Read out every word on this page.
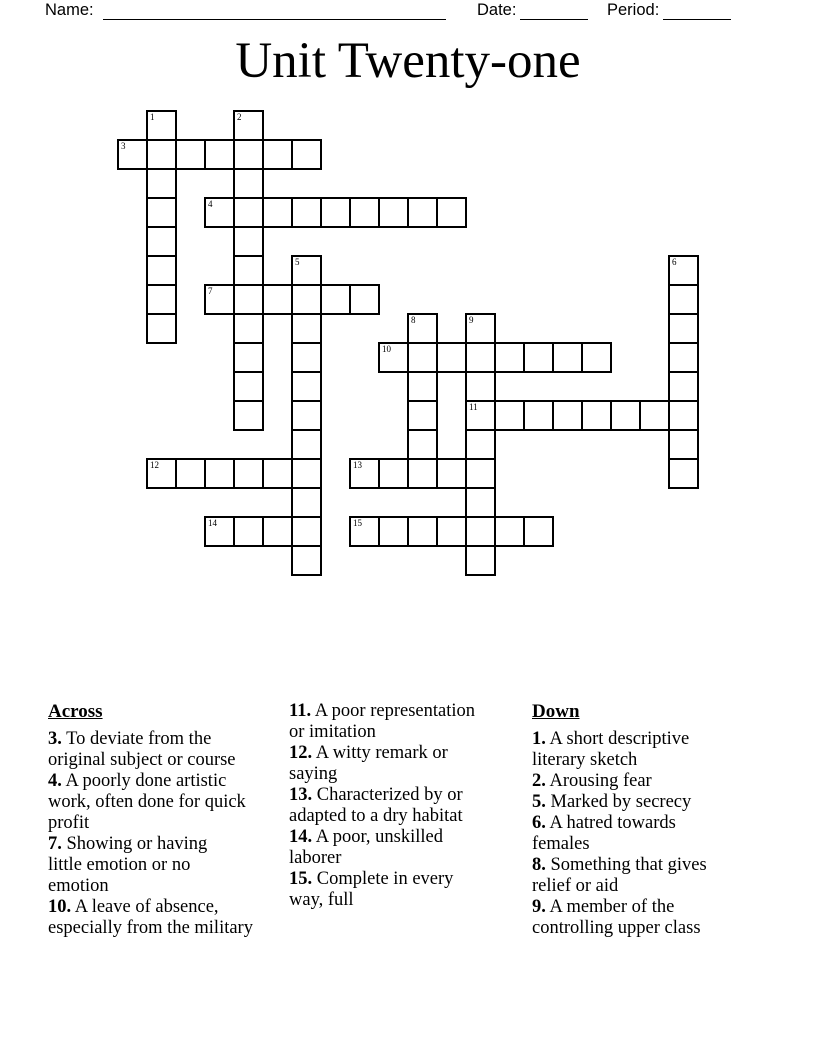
Name:	Date:	Period:
Unit Twenty-one
1	2
3
4
5	6
7
8	9
11
10
12	13
14	15
Across
3. To deviate from the
original subject or course
4. A poorly done artistic
work, often done for quick
profit
7. Showing or having
little emotion or no
emotion
10. A leave of absence,
especially from the military
11. A poor representation
or imitation
12. A witty remark or
saying
13. Characterized by or
adapted to a dry habitat
14. A poor, unskilled
laborer
15. Complete in every
way, full
Down
1. A short descriptive
literary sketch
2. Arousing fear
5. Marked by secrecy
6. A hatred towards
females
8. Something that gives
relief or aid
9. A member of the
controlling upper class
